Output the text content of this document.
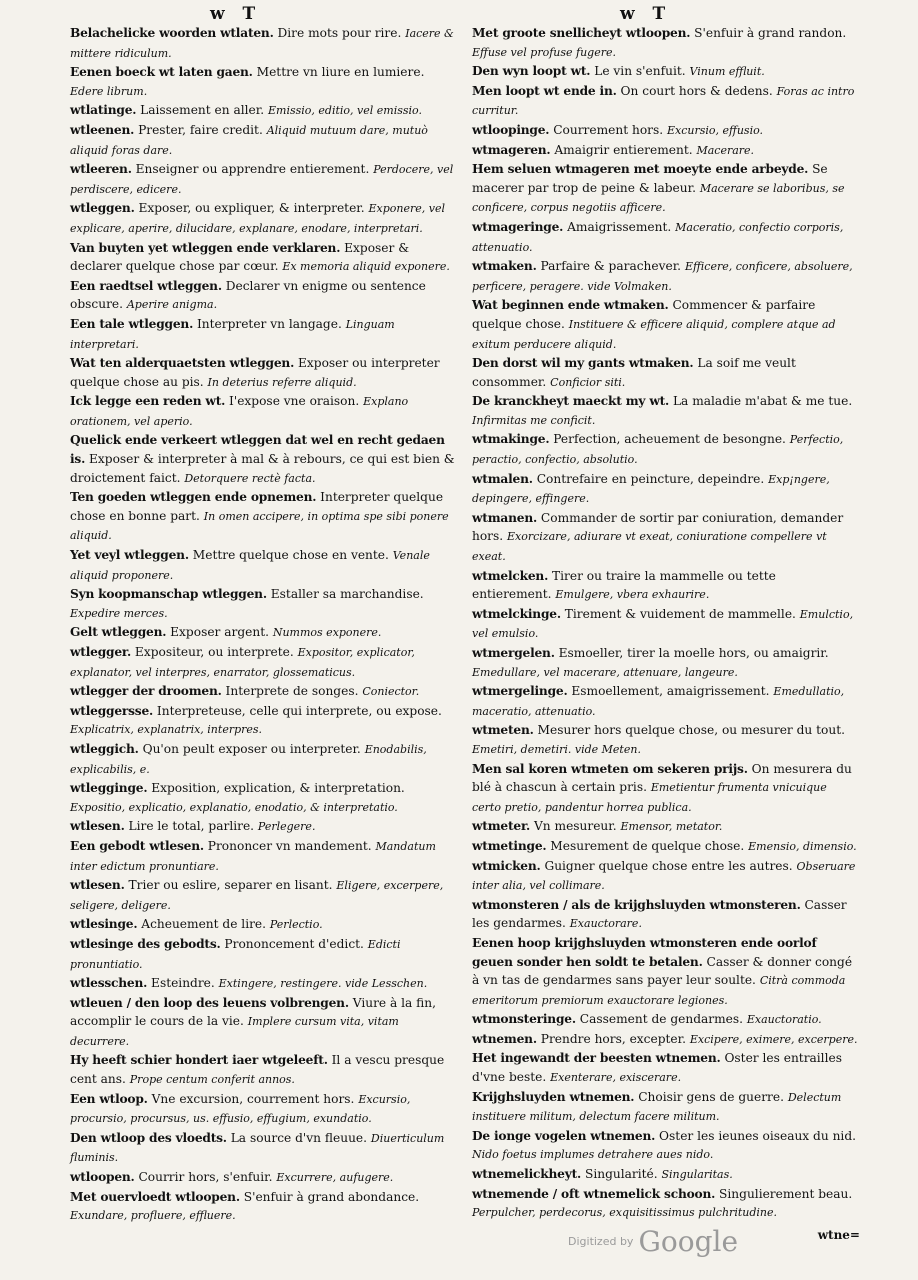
w T	w T

Belachelicke woorden wtlaten. Dire mots pour rire. Iacere & mittere ridiculum.

Eenen boeck wt laten gaen. Mettre vn liure en lumiere. Edere librum.

wtlatinge. Laissement en aller. Emissio, editio, vel emissio.

wtleenen. Prester, faire credit. Aliquid mutuum dare, mutuò aliquid foras dare.

wtleeren. Enseigner ou apprendre entierement. Perdocere, vel perdiscere, edicere.

wtleggen. Exposer, ou expliquer, & interpreter. Exponere, vel explicare, aperire, dilucidare, explanare, enodare, interpretari.

Van buyten yet wtleggen ende verklaren. Exposer & declarer quelque chose par cœur. Ex memoria aliquid exponere.

Een raedtsel wtleggen. Declarer vn enigme ou sentence obscure. Aperire anigma.

Een tale wtleggen. Interpreter vn langage. Linguam interpretari.

Wat ten alderquaetsten wtleggen. Exposer ou interpreter quelque chose au pis. In deterius referre aliquid.

Ick legge een reden wt. I'expose vne oraison. Explano orationem, vel aperio.

Quelick ende verkeert wtleggen dat wel en recht gedaen is. Exposer & interpreter à mal & à rebours, ce qui est bien & droictement faict. Detorquere rectè facta.

Ten goeden wtleggen ende opnemen. Interpreter quelque chose en bonne part. In omen accipere, in optima spe sibi ponere aliquid.

Yet veyl wtleggen. Mettre quelque chose en vente. Venale aliquid proponere.

Syn koopmanschap wtleggen. Estaller sa marchandise. Expedire merces.

Gelt wtleggen. Exposer argent. Nummos exponere.

wtlegger. Expositeur, ou interprete. Expositor, explicator, explanator, vel interpres, enarrator, glossematicus.

wtlegger der droomen. Interprete de songes. Coniector.

wtleggersse. Interpreteuse, celle qui interprete, ou expose. Explicatrix, explanatrix, interpres.

wtleggich. Qu'on peult exposer ou interpreter. Enodabilis, explicabilis, e.

wtlegginge. Exposition, explication, & interpretation. Expositio, explicatio, explanatio, enodatio, & interpretatio.

wtlesen. Lire le total, parlire. Perlegere.

Een gebodt wtlesen. Prononcer vn mandement. Mandatum inter edictum pronuntiare.

wtlesen. Trier ou eslire, separer en lisant. Eligere, excerpere, seligere, deligere.

wtlesinge. Acheuement de lire. Perlectio.

wtlesinge des gebodts. Prononcement d'edict. Edicti pronuntiatio.

wtlesschen. Esteindre. Extingere, restingere. vide Lesschen.

wtleuen / den loop des leuens volbrengen. Viure à la fin, accomplir le cours de la vie. Implere cursum vita, vitam decurrere.

Hy heeft schier hondert iaer wtgeleeft. Il a vescu presque cent ans. Prope centum conferit annos.

Een wtloop. Vne excursion, courrement hors. Excursio, procursio, procursus, us. effusio, effugium, exundatio.

Den wtloop des vloedts. La source d'vn fleuue. Diuerticulum fluminis.

wtloopen. Courrir hors, s'enfuir. Excurrere, aufugere.

Met ouervloedt wtloopen. S'enfuir à grand abondance. Exundare, profluere, effluere.

Met groote snellicheyt wtloopen. S'enfuir à grand randon. Effuse vel profuse fugere.

Den wyn loopt wt. Le vin s'enfuit. Vinum effluit.

Men loopt wt ende in. On court hors & dedens. Foras ac intro curritur.

wtloopinge. Courrement hors. Excursio, effusio.

wtmageren. Amaigrir entierement. Macerare.

Hem seluen wtmageren met moeyte ende arbeyde. Se macerer par trop de peine & labeur. Macerare se laboribus, se conficere, corpus negotiis afficere.

wtmageringe. Amaigrissement. Maceratio, confectio corporis, attenuatio.

wtmaken. Parfaire & parachever. Efficere, conficere, absoluere, perficere, peragere. vide Volmaken.

Wat beginnen ende wtmaken. Commencer & parfaire quelque chose. Instituere & efficere aliquid, complere atque ad exitum perducere aliquid.

Den dorst wil my gants wtmaken. La soif me veult consommer. Conficior siti.

De kranckheyt maeckt my wt. La maladie m'abat & me tue. Infirmitas me conficit.

wtmakinge. Perfection, acheuement de besongne. Perfectio, peractio, confectio, absolutio.

wtmalen. Contrefaire en peincture, depeindre. Exp¡ngere, depingere, effingere.

wtmanen. Commander de sortir par coniuration, demander hors. Exorcizare, adiurare vt exeat, coniuratione compellere vt exeat.

wtmelcken. Tirer ou traire la mammelle ou tette entierement. Emulgere, vbera exhaurire.

wtmelckinge. Tirement & vuidement de mammelle. Emulctio, vel emulsio.

wtmergelen. Esmoeller, tirer la moelle hors, ou amaigrir. Emedullare, vel macerare, attenuare, langeure.

wtmergelinge. Esmoellement, amaigrissement. Emedullatio, maceratio, attenuatio.

wtmeten. Mesurer hors quelque chose, ou mesurer du tout. Emetiri, demetiri. vide Meten.

Men sal koren wtmeten om sekeren prijs. On mesurera du blé à chascun à certain pris. Emetientur frumenta vnicuique certo pretio, pandentur horrea publica.

wtmeter. Vn mesureur. Emensor, metator.

wtmetinge. Mesurement de quelque chose. Emensio, dimensio.

wtmicken. Guigner quelque chose entre les autres. Obseruare inter alia, vel collimare.

wtmonsteren / als de krijghsluyden wtmonsteren. Casser les gendarmes. Exauctorare.

Eenen hoop krijghsluyden wtmonsteren ende oorlof geuen sonder hen soldt te betalen. Casser & donner congé à vn tas de gendarmes sans payer leur soulte. Citrà commoda emeritorum premiorum exauctorare legiones.

wtmonsteringe. Cassement de gendarmes. Exauctoratio.

wtnemen. Prendre hors, excepter. Excipere, eximere, excerpere.

Het ingewandt der beesten wtnemen. Oster les entrailles d'vne beste. Exenterare, exiscerare.

Krijghsluyden wtnemen. Choisir gens de guerre. Delectum instituere militum, delectum facere militum.

De ionge vogelen wtnemen. Oster les ieunes oiseaux du nid. Nido foetus implumes detrahere aues nido.

wtnemelickheyt. Singularité. Singularitas.

wtnemende / oft wtnemelick schoon. Singulierement beau. Perpulcher, perdecorus, exquisitissimus pulchritudine.

wtne=
Digitized by Google
